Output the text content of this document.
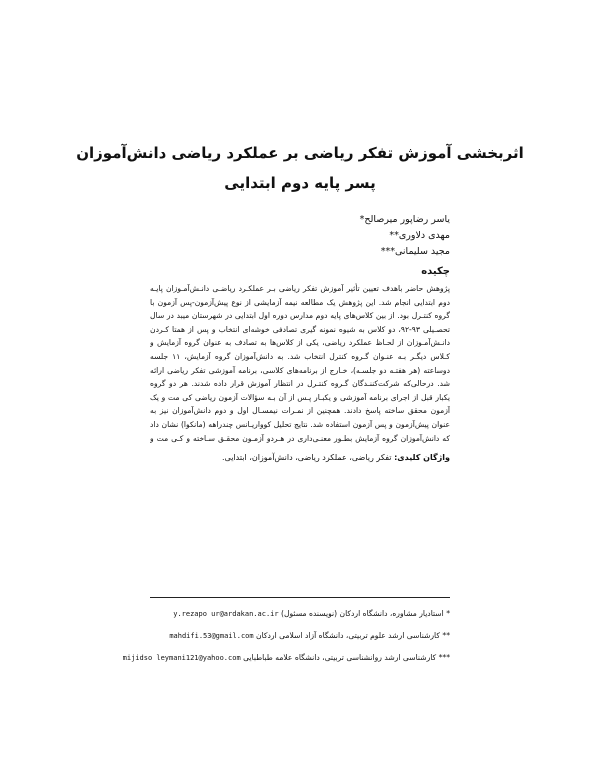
اثربخشی آموزش تفکر ریاضی بر عملکرد ریاضی دانش‌آموزان پسر پایه دوم ابتدایی
یاسر رضاپور میرصالح*
مهدی دلاوری**
مجید سلیمانی***
چکیده
پژوهش حاضر باهدف تعیین تأثیر آموزش تفکر ریاضی بـر عملکـرد ریاضـی دانـش‌آمـوزان پایـه دوم ابتدایی انجام شد. این پژوهش یک مطالعه نیمه آزمایشی از نوع پیش‌آزمون-پس آزمون با گروه کنتـرل بود. از بین کلاس‌های پایه دوم مدارس دوره اول ابتدایی در شهرستان میبد در سال تحصـیلی ۹۳-۹۲، دو کلاس به شیوه نمونه گیری تصادفی خوشه‌ای انتخاب و پس از همتا کـردن دانـش‌آمـوزان از لحـاظ عملکرد ریاضی، یکی از کلاس‌ها به تصادف به عنوان گروه آزمایش و کـلاس دیگـر بـه عنـوان گـروه کنترل انتخاب شد. به دانش‌آموزان گروه آزمایش، ۱۱ جلسه دوساعته (هر هفتـه دو جلسـه)، خـارج از برنامه‌های کلاسی، برنامه آموزشی تفکر ریاضی ارائه شد. درحالی‌که شرکت‌کننـدگان گـروه کنتـرل در انتظار آموزش قرار داده شدند. هر دو گروه یکبار قبل از اجرای برنامه آموزشی و یکبـار پـس از آن بـه سؤالات آزمون ریاضی کی مت و یک آزمون محقق ساخته پاسخ دادند. همچنین از نمـرات نیمسـال اول و دوم دانش‌آموزان نیز به عنوان پیش‌آزمون و پس آزمون استفاده شد. نتایج تحلیل کوواریـانس چندراهه (مانکوا) نشان داد که دانش‌آموزان گروه آزمایش بطـور معنـی‌داری در هـردو آزمـون محقـق سـاخته و کـی مت و
واژگان کلیدی: تفکر ریاضی، عملکرد ریاضی، دانش‌آموزان، ابتدایی.
* استادیار مشاوره، دانشگاه اردکان (نویسنده مسئول) y.rezapo ur@ardakan.ac.ir
** کارشناسی ارشد علوم تربیتی، دانشگاه آزاد اسلامی اردکان mahdifi.53@gmail.com
*** کارشناسی ارشد روانشناسی تربیتی، دانشگاه علامه طباطبایی mijidso leymani121@yahoo.com
